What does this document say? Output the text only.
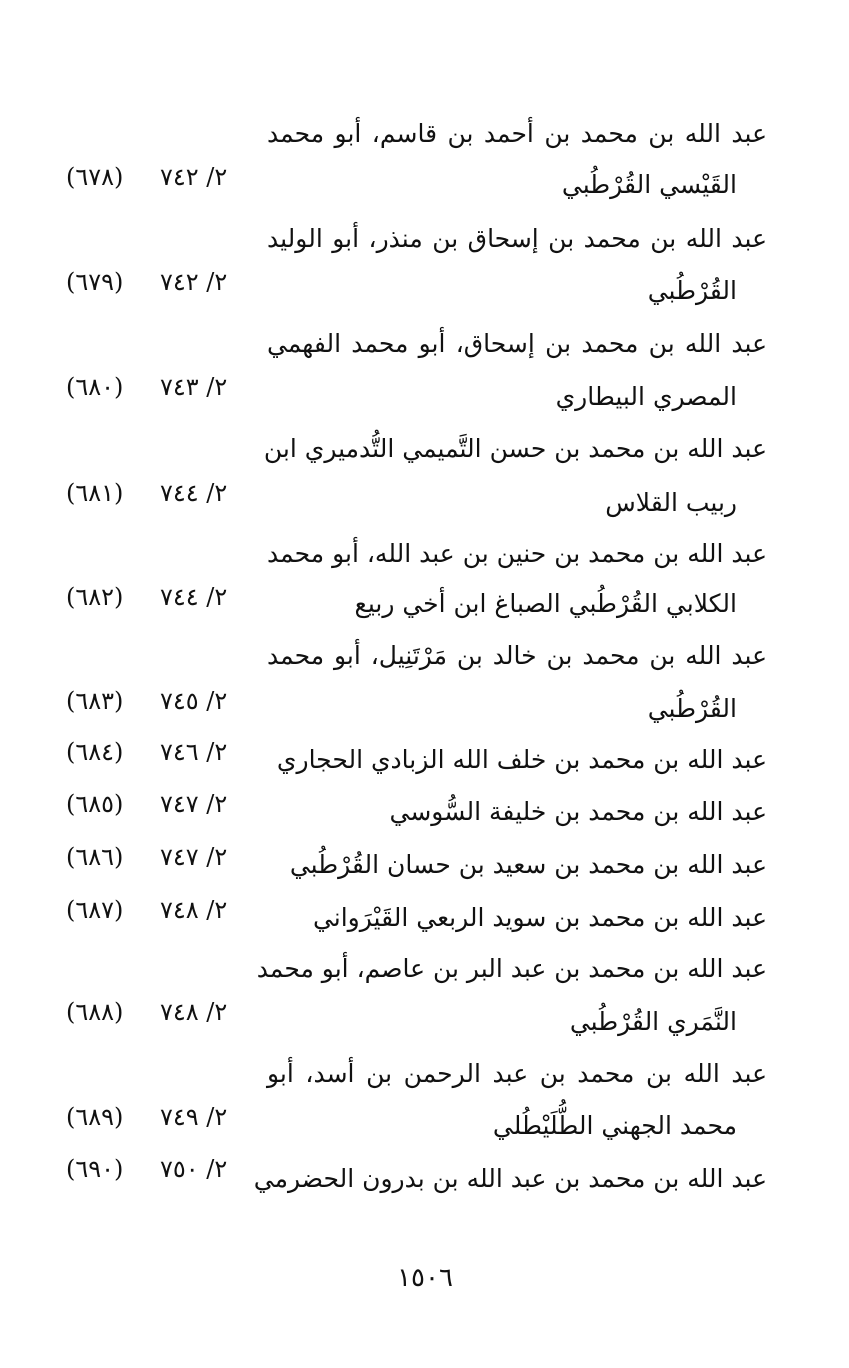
عبد الله بن محمد بن أحمد بن قاسم، أبو محمد
القَيْسي القُرْطُبي
٢/ ٧٤٢
(٦٧٨)
عبد الله بن محمد بن إسحاق بن منذر، أبو الوليد
القُرْطُبي
٢/ ٧٤٢
(٦٧٩)
عبد الله بن محمد بن إسحاق، أبو محمد الفهمي
المصري البيطاري
٢/ ٧٤٣
(٦٨٠)
عبد الله بن محمد بن حسن التَّميمي التُّدميري ابن
ربيب القلاس
٢/ ٧٤٤
(٦٨١)
عبد الله بن محمد بن حنين بن عبد الله، أبو محمد
الكلابي القُرْطُبي الصباغ ابن أخي ربيع
٢/ ٧٤٤
(٦٨٢)
عبد الله بن محمد بن خالد بن مَرْتَنِيل، أبو محمد
القُرْطُبي
٢/ ٧٤٥
(٦٨٣)
عبد الله بن محمد بن خلف الله الزبادي الحجاري
٢/ ٧٤٦
(٦٨٤)
عبد الله بن محمد بن خليفة السُّوسي
٢/ ٧٤٧
(٦٨٥)
عبد الله بن محمد بن سعيد بن حسان القُرْطُبي
٢/ ٧٤٧
(٦٨٦)
عبد الله بن محمد بن سويد الربعي القَيْرَواني
٢/ ٧٤٨
(٦٨٧)
عبد الله بن محمد بن عبد البر بن عاصم، أبو محمد
النَّمَري القُرْطُبي
٢/ ٧٤٨
(٦٨٨)
عبد الله بن محمد بن عبد الرحمن بن أسد، أبو
محمد الجهني الطُّلَيْطُلي
٢/ ٧٤٩
(٦٨٩)
عبد الله بن محمد بن عبد الله بن بدرون الحضرمي
٢/ ٧٥٠
(٦٩٠)
١٥٠٦
